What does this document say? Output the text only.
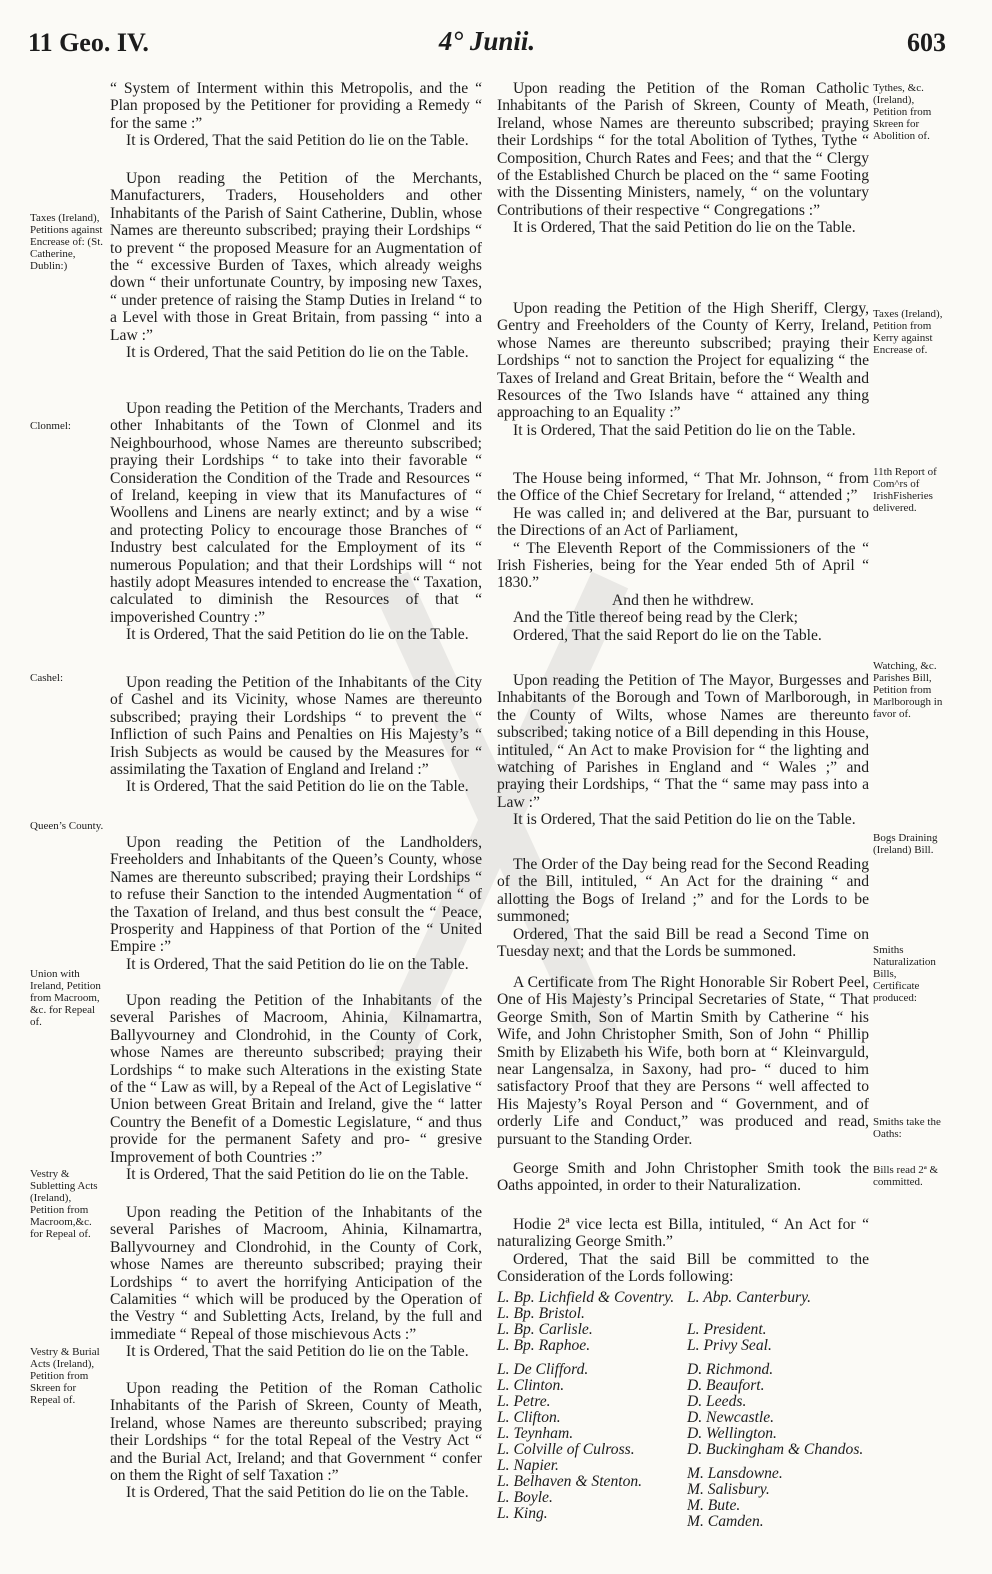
11 Geo. IV.	4° Junii.	603

“ System of Interment within this Metropolis, and the “ Plan proposed by the Petitioner for providing a Remedy “ for the same :”

It is Ordered, That the said Petition do lie on the Table.

Upon reading the Petition of the Merchants, Manufacturers, Traders, Householders and other Inhabitants of the Parish of Saint Catherine, Dublin, whose Names are thereunto subscribed; praying their Lordships “ to prevent “ the proposed Measure for an Augmentation of the “ excessive Burden of Taxes, which already weighs down “ their unfortunate Country, by imposing new Taxes, “ under pretence of raising the Stamp Duties in Ireland “ to a Level with those in Great Britain, from passing “ into a Law :”

It is Ordered, That the said Petition do lie on the Table.

Upon reading the Petition of the Merchants, Traders and other Inhabitants of the Town of Clonmel and its Neighbourhood, whose Names are thereunto subscribed; praying their Lordships “ to take into their favorable “ Consideration the Condition of the Trade and Resources “ of Ireland, keeping in view that its Manufactures of “ Woollens and Linens are nearly extinct; and by a wise “ and protecting Policy to encourage those Branches of “ Industry best calculated for the Employment of its “ numerous Population; and that their Lordships will “ not hastily adopt Measures intended to encrease the “ Taxation, calculated to diminish the Resources of that “ impoverished Country :”

It is Ordered, That the said Petition do lie on the Table.

Upon reading the Petition of the Inhabitants of the City of Cashel and its Vicinity, whose Names are thereunto subscribed; praying their Lordships “ to prevent the “ Infliction of such Pains and Penalties on His Majesty’s “ Irish Subjects as would be caused by the Measures for “ assimilating the Taxation of England and Ireland :”

It is Ordered, That the said Petition do lie on the Table.

Upon reading the Petition of the Landholders, Freeholders and Inhabitants of the Queen’s County, whose Names are thereunto subscribed; praying their Lordships “ to refuse their Sanction to the intended Augmentation “ of the Taxation of Ireland, and thus best consult the “ Peace, Prosperity and Happiness of that Portion of the “ United Empire :”

It is Ordered, That the said Petition do lie on the Table.

Upon reading the Petition of the Inhabitants of the several Parishes of Macroom, Ahinia, Kilnamartra, Ballyvourney and Clondrohid, in the County of Cork, whose Names are thereunto subscribed; praying their Lordships “ to make such Alterations in the existing State of the “ Law as will, by a Repeal of the Act of Legislative “ Union between Great Britain and Ireland, give the “ latter Country the Benefit of a Domestic Legislature, “ and thus provide for the permanent Safety and pro- “ gresive Improvement of both Countries :”

It is Ordered, That the said Petition do lie on the Table.

Upon reading the Petition of the Inhabitants of the several Parishes of Macroom, Ahinia, Kilnamartra, Ballyvourney and Clondrohid, in the County of Cork, whose Names are thereunto subscribed; praying their Lordships “ to avert the horrifying Anticipation of the Calamities “ which will be produced by the Operation of the Vestry “ and Subletting Acts, Ireland, by the full and immediate “ Repeal of those mischievous Acts :”

It is Ordered, That the said Petition do lie on the Table.

Upon reading the Petition of the Roman Catholic Inhabitants of the Parish of Skreen, County of Meath, Ireland, whose Names are thereunto subscribed; praying their Lordships “ for the total Repeal of the Vestry Act “ and the Burial Act, Ireland; and that Government “ confer on them the Right of self Taxation :”

It is Ordered, That the said Petition do lie on the Table.

Taxes (Ireland), Petitions against Encrease of: (St. Catherine, Dublin:)
Clonmel:
Cashel:
Queen’s County.
Union with Ireland, Petition from Macroom, &c. for Repeal of.
Vestry & Subletting Acts (Ireland), Petition from Macroom,&c. for Repeal of.
Vestry & Burial Acts (Ireland), Petition from Skreen for Repeal of.

Upon reading the Petition of the Roman Catholic Inhabitants of the Parish of Skreen, County of Meath, Ireland, whose Names are thereunto subscribed; praying their Lordships “ for the total Abolition of Tythes, Tythe “ Composition, Church Rates and Fees; and that the “ Clergy of the Established Church be placed on the “ same Footing with the Dissenting Ministers, namely, “ on the voluntary Contributions of their respective “ Congregations :”

It is Ordered, That the said Petition do lie on the Table.

Upon reading the Petition of the High Sheriff, Clergy, Gentry and Freeholders of the County of Kerry, Ireland, whose Names are thereunto subscribed; praying their Lordships “ not to sanction the Project for equalizing “ the Taxes of Ireland and Great Britain, before the “ Wealth and Resources of the Two Islands have “ attained any thing approaching to an Equality :”

It is Ordered, That the said Petition do lie on the Table.

The House being informed, “ That Mr. Johnson, “ from the Office of the Chief Secretary for Ireland, “ attended ;”

He was called in; and delivered at the Bar, pursuant to the Directions of an Act of Parliament,

“ The Eleventh Report of the Commissioners of the “ Irish Fisheries, being for the Year ended 5th of April “ 1830.”

And then he withdrew.

And the Title thereof being read by the Clerk;

Ordered, That the said Report do lie on the Table.

Upon reading the Petition of The Mayor, Burgesses and Inhabitants of the Borough and Town of Marlborough, in the County of Wilts, whose Names are thereunto subscribed; taking notice of a Bill depending in this House, intituled, “ An Act to make Provision for “ the lighting and watching of Parishes in England and “ Wales ;” and praying their Lordships, “ That the “ same may pass into a Law :”

It is Ordered, That the said Petition do lie on the Table.

The Order of the Day being read for the Second Reading of the Bill, intituled, “ An Act for the draining “ and allotting the Bogs of Ireland ;” and for the Lords to be summoned;

Ordered, That the said Bill be read a Second Time on Tuesday next; and that the Lords be summoned.

A Certificate from The Right Honorable Sir Robert Peel, One of His Majesty’s Principal Secretaries of State, “ That George Smith, Son of Martin Smith by Catherine “ his Wife, and John Christopher Smith, Son of John “ Phillip Smith by Elizabeth his Wife, both born at “ Kleinvarguld, near Langensalza, in Saxony, had pro- “ duced to him satisfactory Proof that they are Persons “ well affected to His Majesty’s Royal Person and “ Government, and of orderly Life and Conduct,” was produced and read, pursuant to the Standing Order.

George Smith and John Christopher Smith took the Oaths appointed, in order to their Naturalization.

Hodie 2ª vice lecta est Billa, intituled, “ An Act for “ naturalizing George Smith.”

Ordered, That the said Bill be committed to the Consideration of the Lords following:

L. Bp. Lichfield & Coventry.
L. Bp. Bristol.
L. Bp. Carlisle.
L. Bp. Raphoe.
L. De Clifford.
L. Clinton.
L. Petre.
L. Clifton.
L. Teynham.
L. Colville of Culross.
L. Napier.
L. Belhaven & Stenton.
L. Boyle.
L. King.
L. Abp. Canterbury.
L. President.
L. Privy Seal.
D. Richmond.
D. Beaufort.
D. Leeds.
D. Newcastle.
D. Wellington.
D. Buckingham & Chandos.
M. Lansdowne.
M. Salisbury.
M. Bute.
M. Camden.
Tythes, &c. (Ireland), Petition from Skreen for Abolition of.
Taxes (Ireland), Petition from Kerry against Encrease of.
11th Report of Com^rs of IrishFisheries delivered.
Watching, &c. Parishes Bill, Petition from Marlborough in favor of.
Bogs Draining (Ireland) Bill.
Smiths Naturalization Bills, Certificate produced:
Smiths take the Oaths:
Bills read 2ª & committed.
